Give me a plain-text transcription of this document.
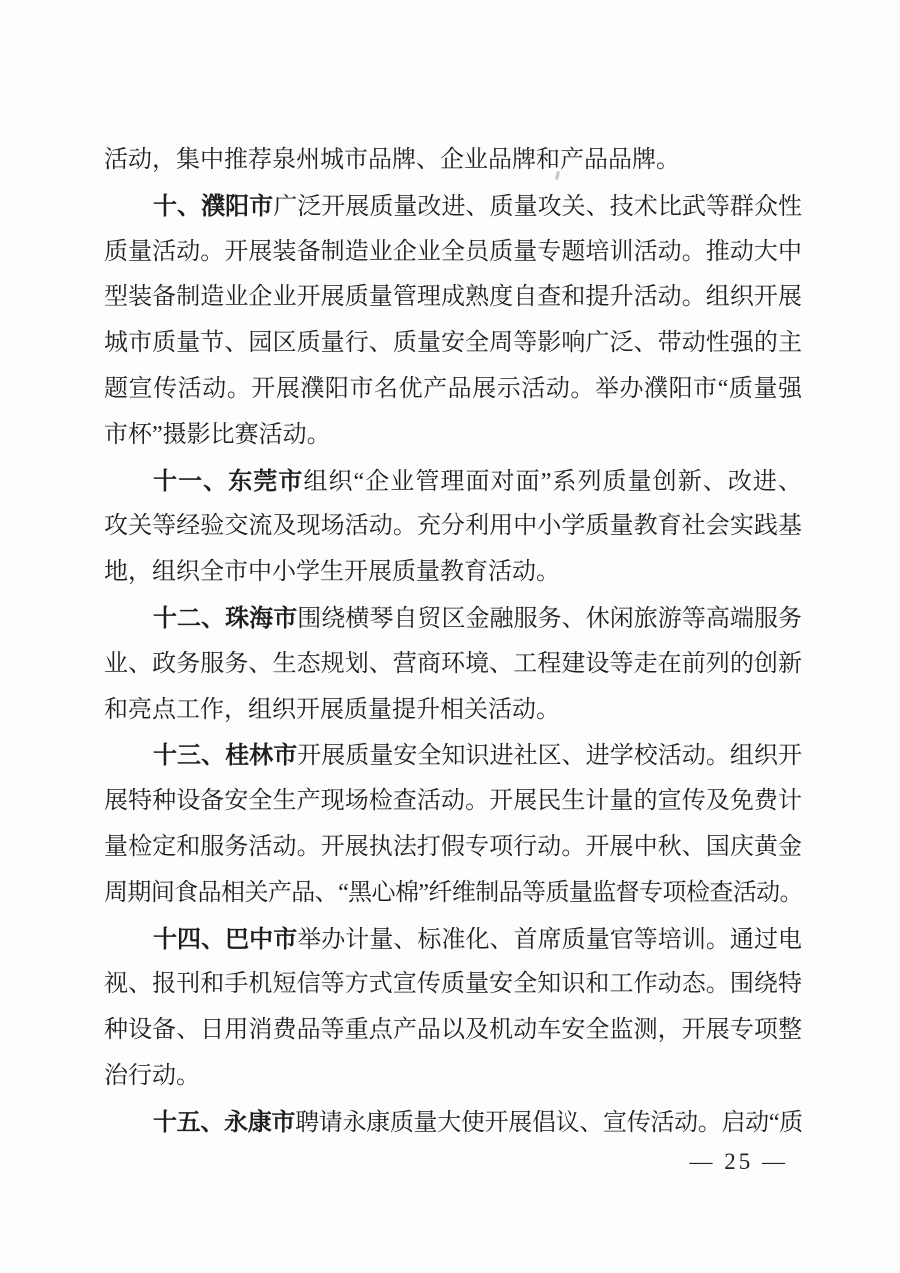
活动，集中推荐泉州城市品牌、企业品牌和产品品牌。
十、濮阳市广泛开展质量改进、质量攻关、技术比武等群众性
质量活动。开展装备制造业企业全员质量专题培训活动。推动大中
型装备制造业企业开展质量管理成熟度自查和提升活动。组织开展
城市质量节、园区质量行、质量安全周等影响广泛、带动性强的主
题宣传活动。开展濮阳市名优产品展示活动。举办濮阳市“质量强
市杯”摄影比赛活动。
十一、东莞市组织“企业管理面对面”系列质量创新、改进、
攻关等经验交流及现场活动。充分利用中小学质量教育社会实践基
地，组织全市中小学生开展质量教育活动。
十二、珠海市围绕横琴自贸区金融服务、休闲旅游等高端服务
业、政务服务、生态规划、营商环境、工程建设等走在前列的创新
和亮点工作，组织开展质量提升相关活动。
十三、桂林市开展质量安全知识进社区、进学校活动。组织开
展特种设备安全生产现场检查活动。开展民生计量的宣传及免费计
量检定和服务活动。开展执法打假专项行动。开展中秋、国庆黄金
周期间食品相关产品、“黑心棉”纤维制品等质量监督专项检查活动。
十四、巴中市举办计量、标准化、首席质量官等培训。通过电
视、报刊和手机短信等方式宣传质量安全知识和工作动态。围绕特
种设备、日用消费品等重点产品以及机动车安全监测，开展专项整
治行动。
十五、永康市聘请永康质量大使开展倡议、宣传活动。启动“质
— 25 —
